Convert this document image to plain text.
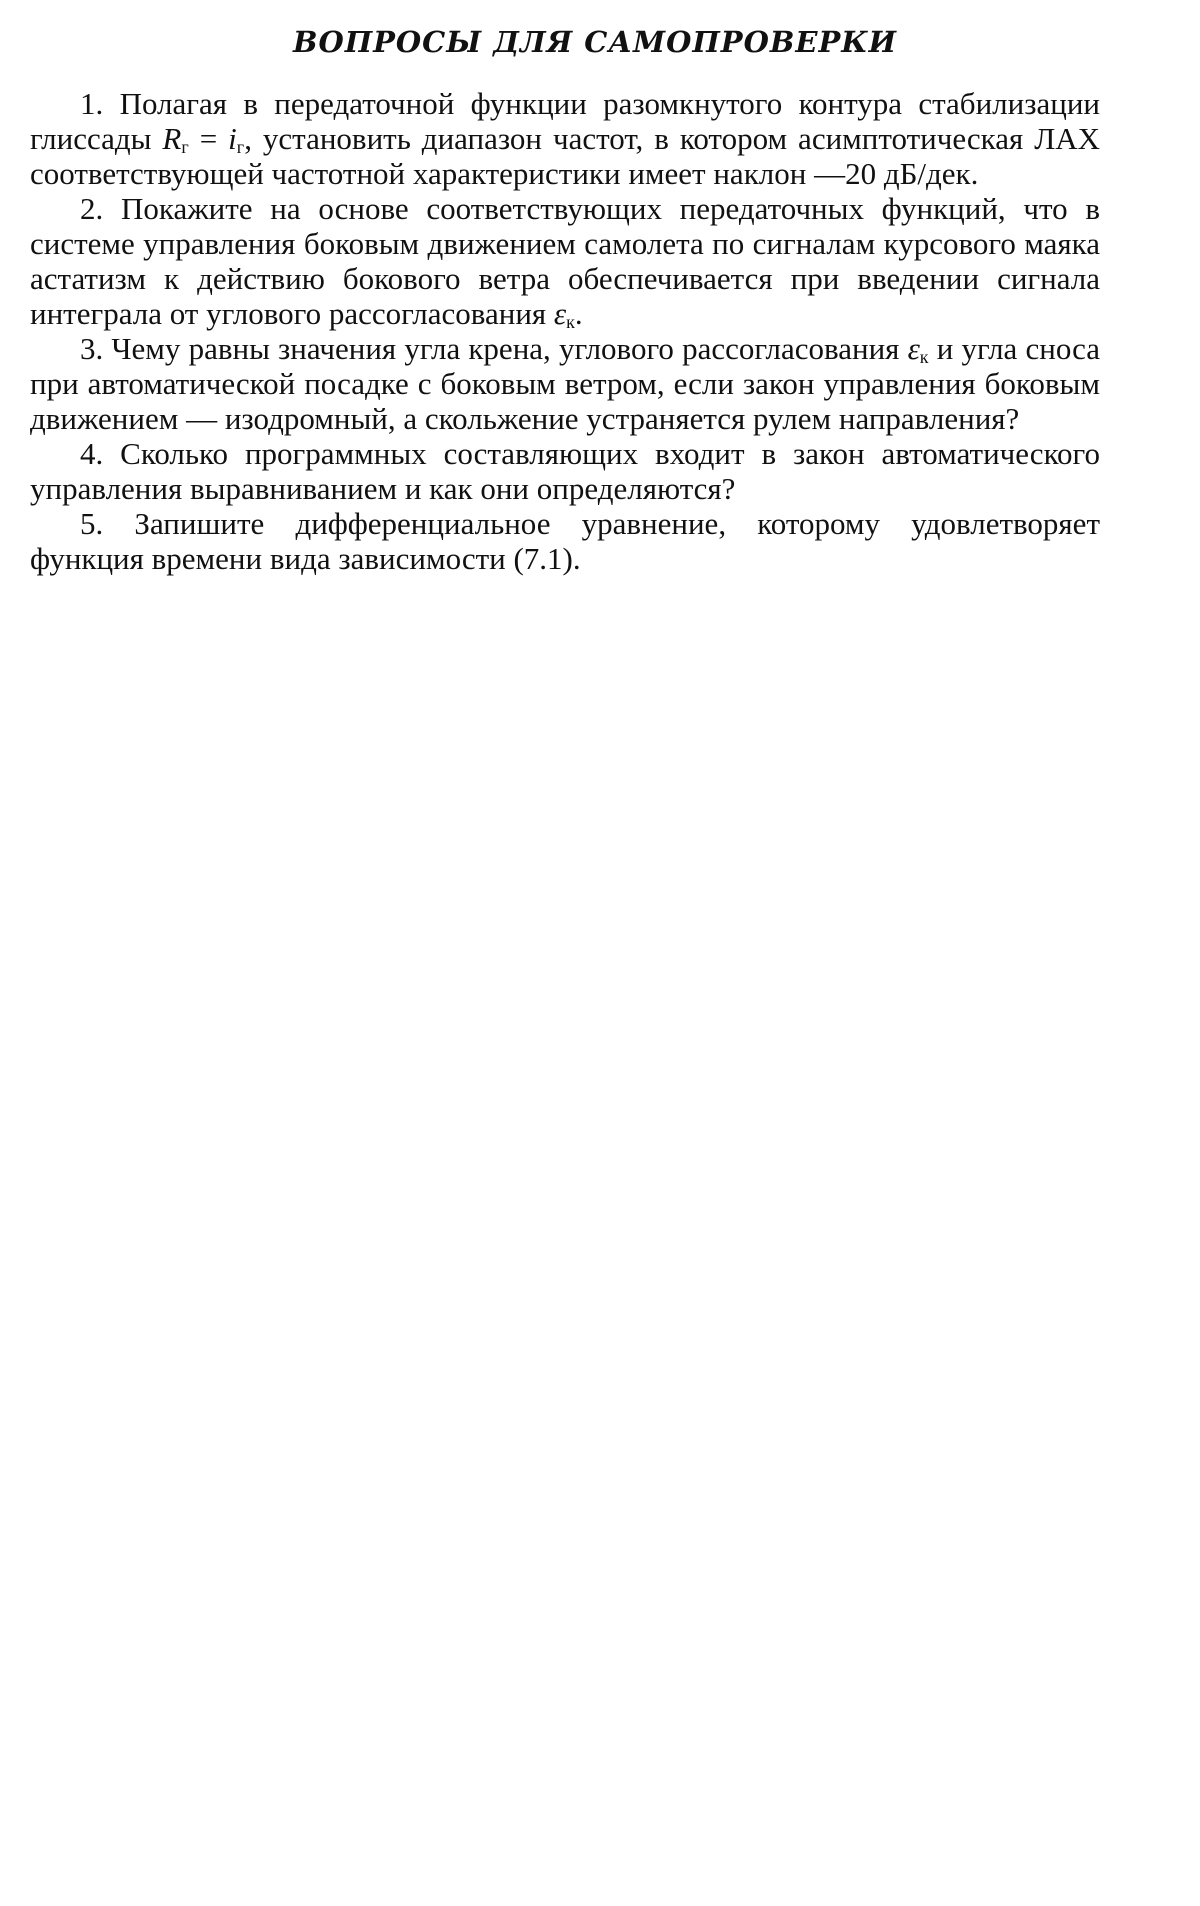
ВОПРОСЫ ДЛЯ САМОПРОВЕРКИ

1. Полагая в передаточной функции разомкнутого контура стабилизации глиссады $R_г = i_г$, установить диапазон частот, в котором асимптотическая ЛАХ соответствующей частотной характеристики имеет наклон —20 дБ/дек.

2. Покажите на основе соответствующих передаточных функций, что в системе управления боковым движением самолета по сигналам курсового маяка астатизм к действию бокового ветра обеспечивается при введении сигнала интеграла от углового рассогласования $\varepsilon_к$.

3. Чему равны значения угла крена, углового рассогласования $\varepsilon_к$ и угла сноса при автоматической посадке с боковым ветром, если закон управления боковым движением — изодромный, а скольжение устраняется рулем направления?

4. Сколько программных составляющих входит в закон автоматического управления выравниванием и как они определяются?

5. Запишите дифференциальное уравнение, которому удовлетворяет функция времени вида зависимости (7.1).
